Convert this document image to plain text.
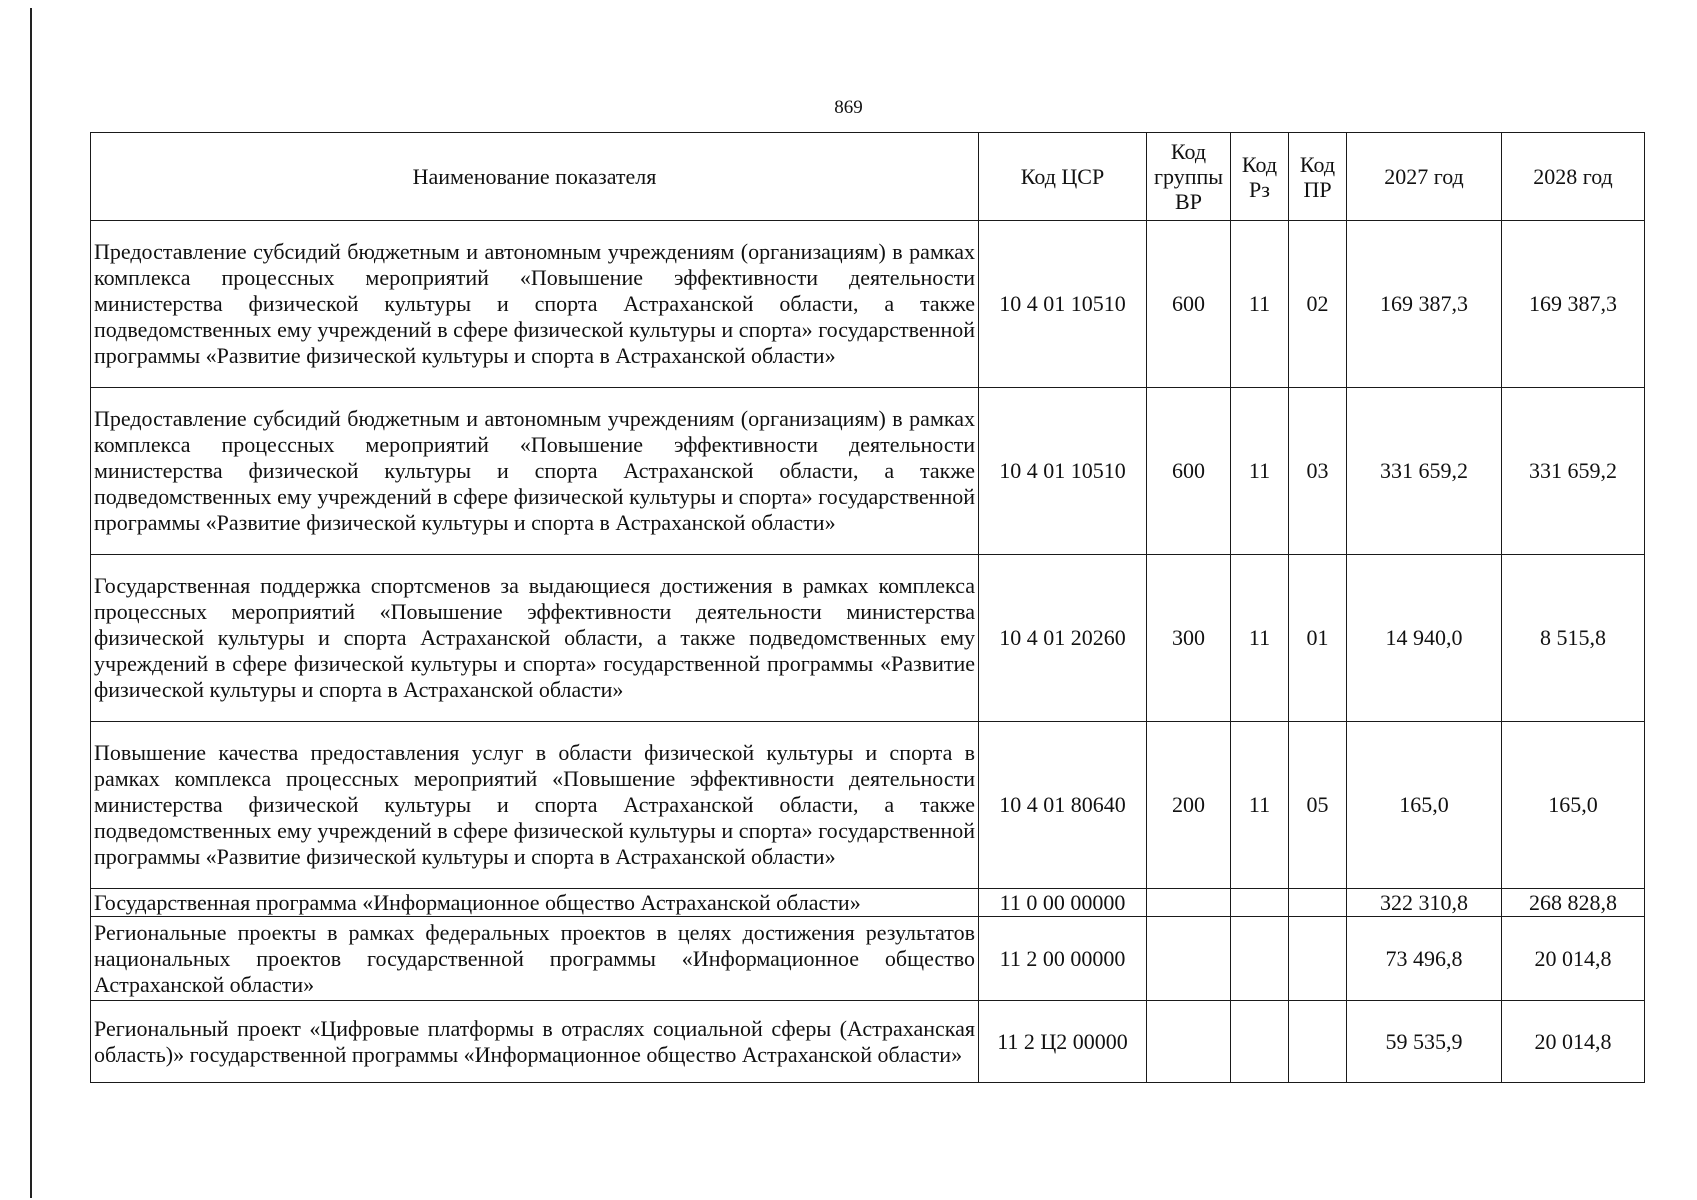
869
Наименование показателя	Код ЦСР	Код группы ВР	Код Рз	Код ПР	2027 год	2028 год
Предоставление субсидий бюджетным и автономным учреждениям (организациям) в рамках комплекса процессных мероприятий «Повышение эффективности деятельности министерства физической культуры и спорта Астраханской области, а также подведомственных ему учреждений в сфере физической культуры и спорта» государственной программы «Развитие физической культуры и спорта в Астраханской области»	10 4 01 10510	600	11	02	169 387,3	169 387,3
Предоставление субсидий бюджетным и автономным учреждениям (организациям) в рамках комплекса процессных мероприятий «Повышение эффективности деятельности министерства физической культуры и спорта Астраханской области, а также подведомственных ему учреждений в сфере физической культуры и спорта» государственной программы «Развитие физической культуры и спорта в Астраханской области»	10 4 01 10510	600	11	03	331 659,2	331 659,2
Государственная поддержка спортсменов за выдающиеся достижения в рамках комплекса процессных мероприятий «Повышение эффективности деятельности министерства физической культуры и спорта Астраханской области, а также подведомственных ему учреждений в сфере физической культуры и спорта» государственной программы «Развитие физической культуры и спорта в Астраханской области»	10 4 01 20260	300	11	01	14 940,0	8 515,8
Повышение качества предоставления услуг в области физической культуры и спорта в рамках комплекса процессных мероприятий «Повышение эффективности деятельности министерства физической культуры и спорта Астраханской области, а также подведомственных ему учреждений в сфере физической культуры и спорта» государственной программы «Развитие физической культуры и спорта в Астраханской области»	10 4 01 80640	200	11	05	165,0	165,0
Государственная программа «Информационное общество Астраханской области»	11 0 00 00000				322 310,8	268 828,8
Региональные проекты в рамках федеральных проектов в целях достижения результатов национальных проектов государственной программы «Информационное общество Астраханской области»	11 2 00 00000				73 496,8	20 014,8
Региональный проект «Цифровые платформы в отраслях социальной сферы (Астраханская область)» государственной программы «Информационное общество Астраханской области»	11 2 Ц2 00000				59 535,9	20 014,8
